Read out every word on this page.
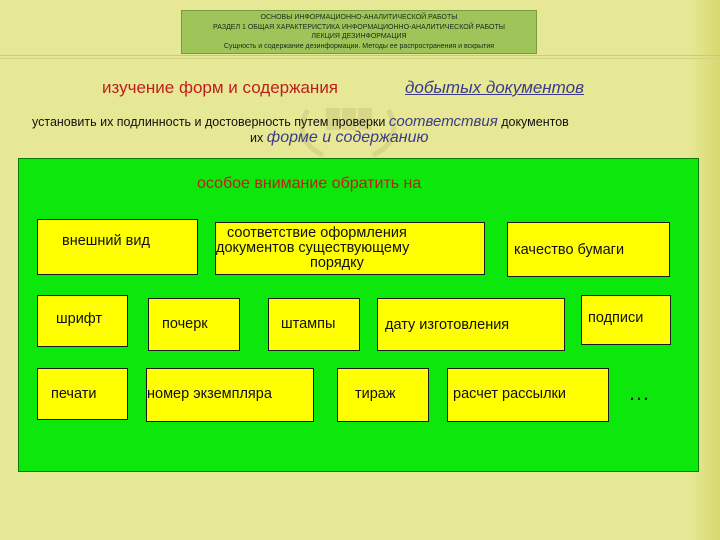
ОСНОВЫ ИНФОРМАЦИОННО-АНАЛИТИЧЕСКОЙ РАБОТЫ
РАЗДЕЛ 1 ОБЩАЯ ХАРАКТЕРИСТИКА ИНФОРМАЦИОННО-АНАЛИТИЧЕСКОЙ РАБОТЫ
ЛЕКЦИЯ ДЕЗИНФОРМАЦИЯ
Сущность и содержание дезинформации. Методы ее распространения и вскрытия
изучение форм и содержания	добытых документов
установить их подлинность и достоверность путем проверки соответствия документов
их форме и содержанию
особое внимание обратить на
внешний вид	соответствие оформления
документов существующему
порядку
качество бумаги
шрифт	почерк	штампы	дату изготовления	подписи
печати	номер экземпляра	тираж	расчет рассылки	…
